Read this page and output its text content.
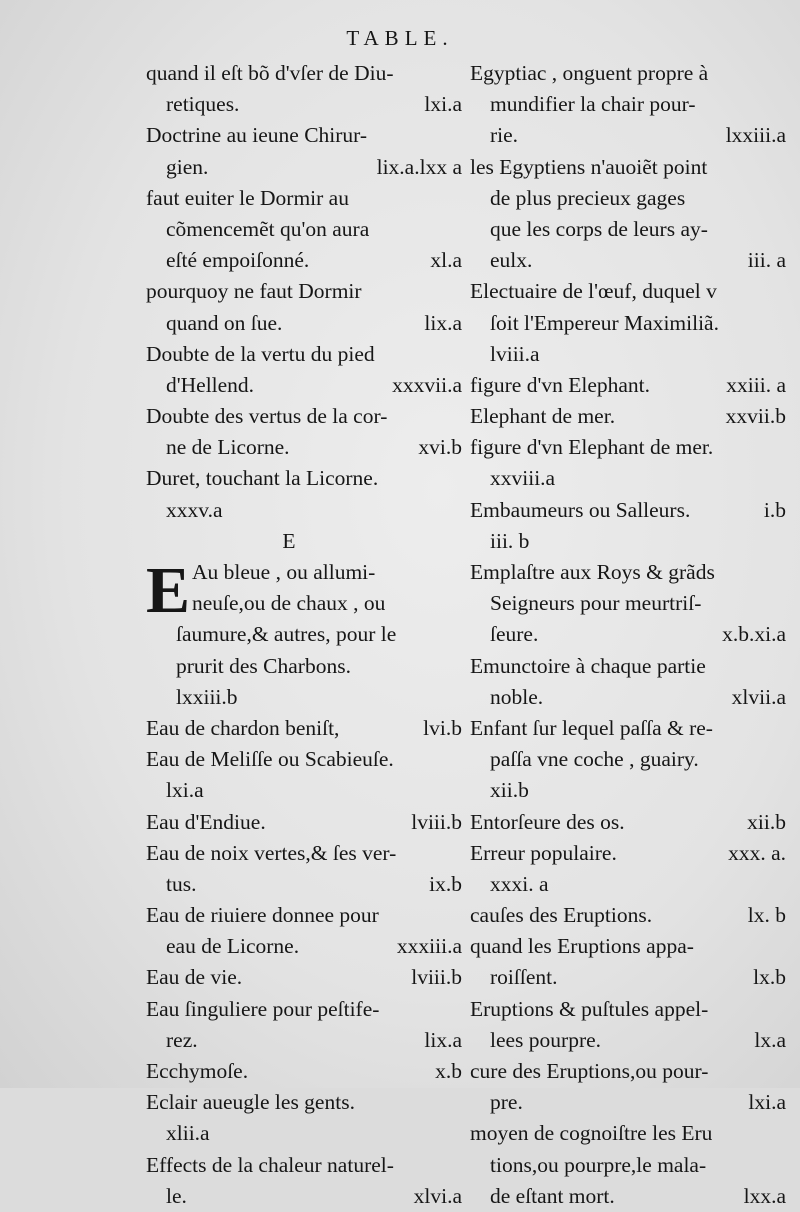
TABLE.
quand il eſt bõ d'vſer de Diu-
retiques.	lxi.a
Doctrine au ieune Chirur-
gien.	lix.a.lxx a
faut euiter le Dormir au
cõmencemẽt qu'on aura
eſté empoiſonné.	xl.a
pourquoy ne faut Dormir
quand on ſue.	lix.a
Doubte de la vertu du pied
d'Hellend.	xxxvii.a
Doubte des vertus de la cor-
ne de Licorne.	xvi.b
Duret, touchant la Licorne.
xxxv.a
E
E Au bleue , ou allumi-
neuſe,ou de chaux , ou
ſaumure,& autres, pour le
prurit des Charbons.
lxxiii.b
Eau de chardon beniſt,	lvi.b
Eau de Meliſſe ou Scabieuſe.
lxi.a
Eau d'Endiue.	lviii.b
Eau de noix vertes,& ſes ver-
tus.	ix.b
Eau de riuiere donnee pour
eau de Licorne.	xxxiii.a
Eau de vie.	lviii.b
Eau ſinguliere pour peſtife-
rez.	lix.a
Ecchymoſe.	x.b
Eclair aueugle les gents.
xlii.a
Effects de la chaleur naturel-
le.	xlvi.a
Egyptiac , onguent propre à
mundifier la chair pour-
rie.	lxxiii.a
les Egyptiens n'auoiẽt point
de plus precieux gages
que les corps de leurs ay-
eulx.	iii. a
Electuaire de l'œuf, duquel v
ſoit l'Empereur Maximiliã.
lviii.a
figure d'vn Elephant.	xxiii. a
Elephant de mer.	xxvii.b
figure d'vn Elephant de mer.
xxviii.a
Embaumeurs ou Salleurs.	i.b
iii. b
Emplaſtre aux Roys & grãds
Seigneurs pour meurtriſ-
ſeure.	x.b.xi.a
Emunctoire à chaque partie
noble.	xlvii.a
Enfant ſur lequel paſſa & re-
paſſa vne coche , guairy.
xii.b
Entorſeure des os.	xii.b
Erreur populaire.	xxx. a.
xxxi. a
cauſes des Eruptions.	lx. b
quand les Eruptions appa-
roiſſent.	lx.b
Eruptions & puſtules appel-
lees pourpre.	lx.a
cure des Eruptions,ou pour-
pre.	lxi.a
moyen de cognoiſtre les Eru
tions,ou pourpre,le mala-
de eſtant mort.	lxx.a
